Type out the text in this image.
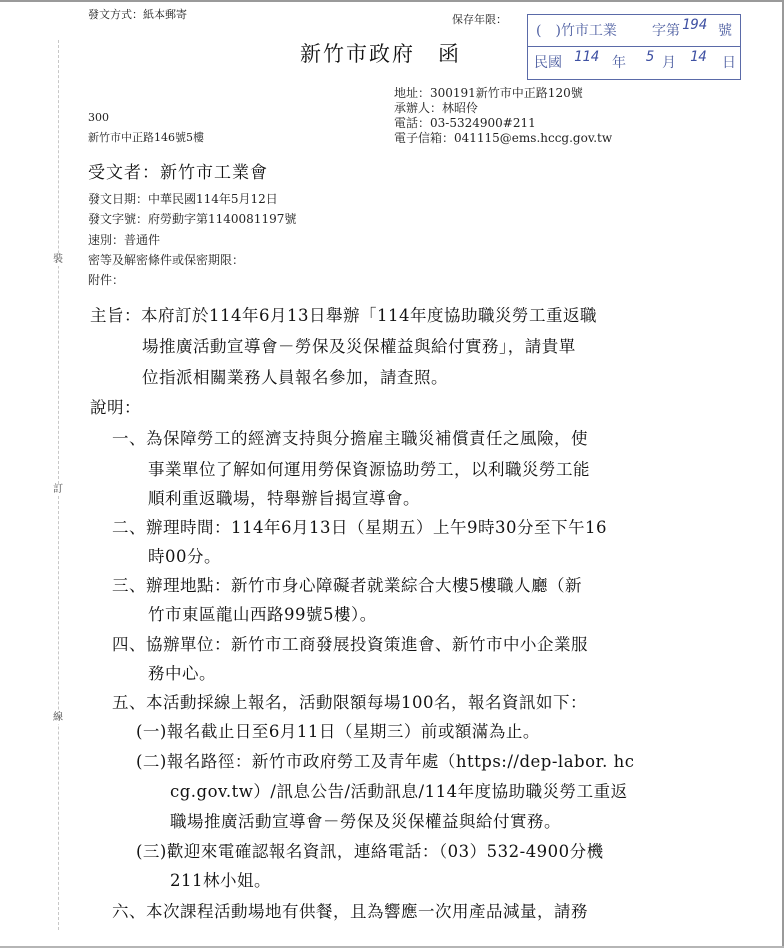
裝
訂
線
發文方式：紙本郵寄	保存年限：
新竹市政府　函
(　)竹市工業	字第 194 號
民國 114 年 5 月 14 日
地址：300191新竹市中正路120號
承辦人：林昭伶
電話：03-5324900#211
電子信箱：041115@ems.hccg.gov.tw
300
新竹市中正路146號5樓
受文者：新竹市工業會
發文日期：中華民國114年5月12日
發文字號：府勞動字第1140081197號
速別：普通件
密等及解密條件或保密期限：
附件：
主旨：本府訂於114年6月13日舉辦「114年度協助職災勞工重返職
場推廣活動宣導會－勞保及災保權益與給付實務」，請貴單
位指派相關業務人員報名參加，請查照。
說明：
一、為保障勞工的經濟支持與分擔雇主職災補償責任之風險，使
事業單位了解如何運用勞保資源協助勞工，以利職災勞工能
順利重返職場，特舉辦旨揭宣導會。
二、辦理時間：114年6月13日（星期五）上午9時30分至下午16
時00分。
三、辦理地點：新竹市身心障礙者就業綜合大樓5樓職人廳（新
竹市東區龍山西路99號5樓）。
四、協辦單位：新竹市工商發展投資策進會、新竹市中小企業服
務中心。
五、本活動採線上報名，活動限額每場100名，報名資訊如下：
(一)報名截止日至6月11日（星期三）前或額滿為止。
(二)報名路徑：新竹市政府勞工及青年處（https://dep-labor. hc
cg.gov.tw）/訊息公告/活動訊息/114年度協助職災勞工重返
職場推廣活動宣導會－勞保及災保權益與給付實務。
(三)歡迎來電確認報名資訊，連絡電話：（03）532-4900分機
211林小姐。
六、本次課程活動場地有供餐，且為響應一次用產品減量，請務
